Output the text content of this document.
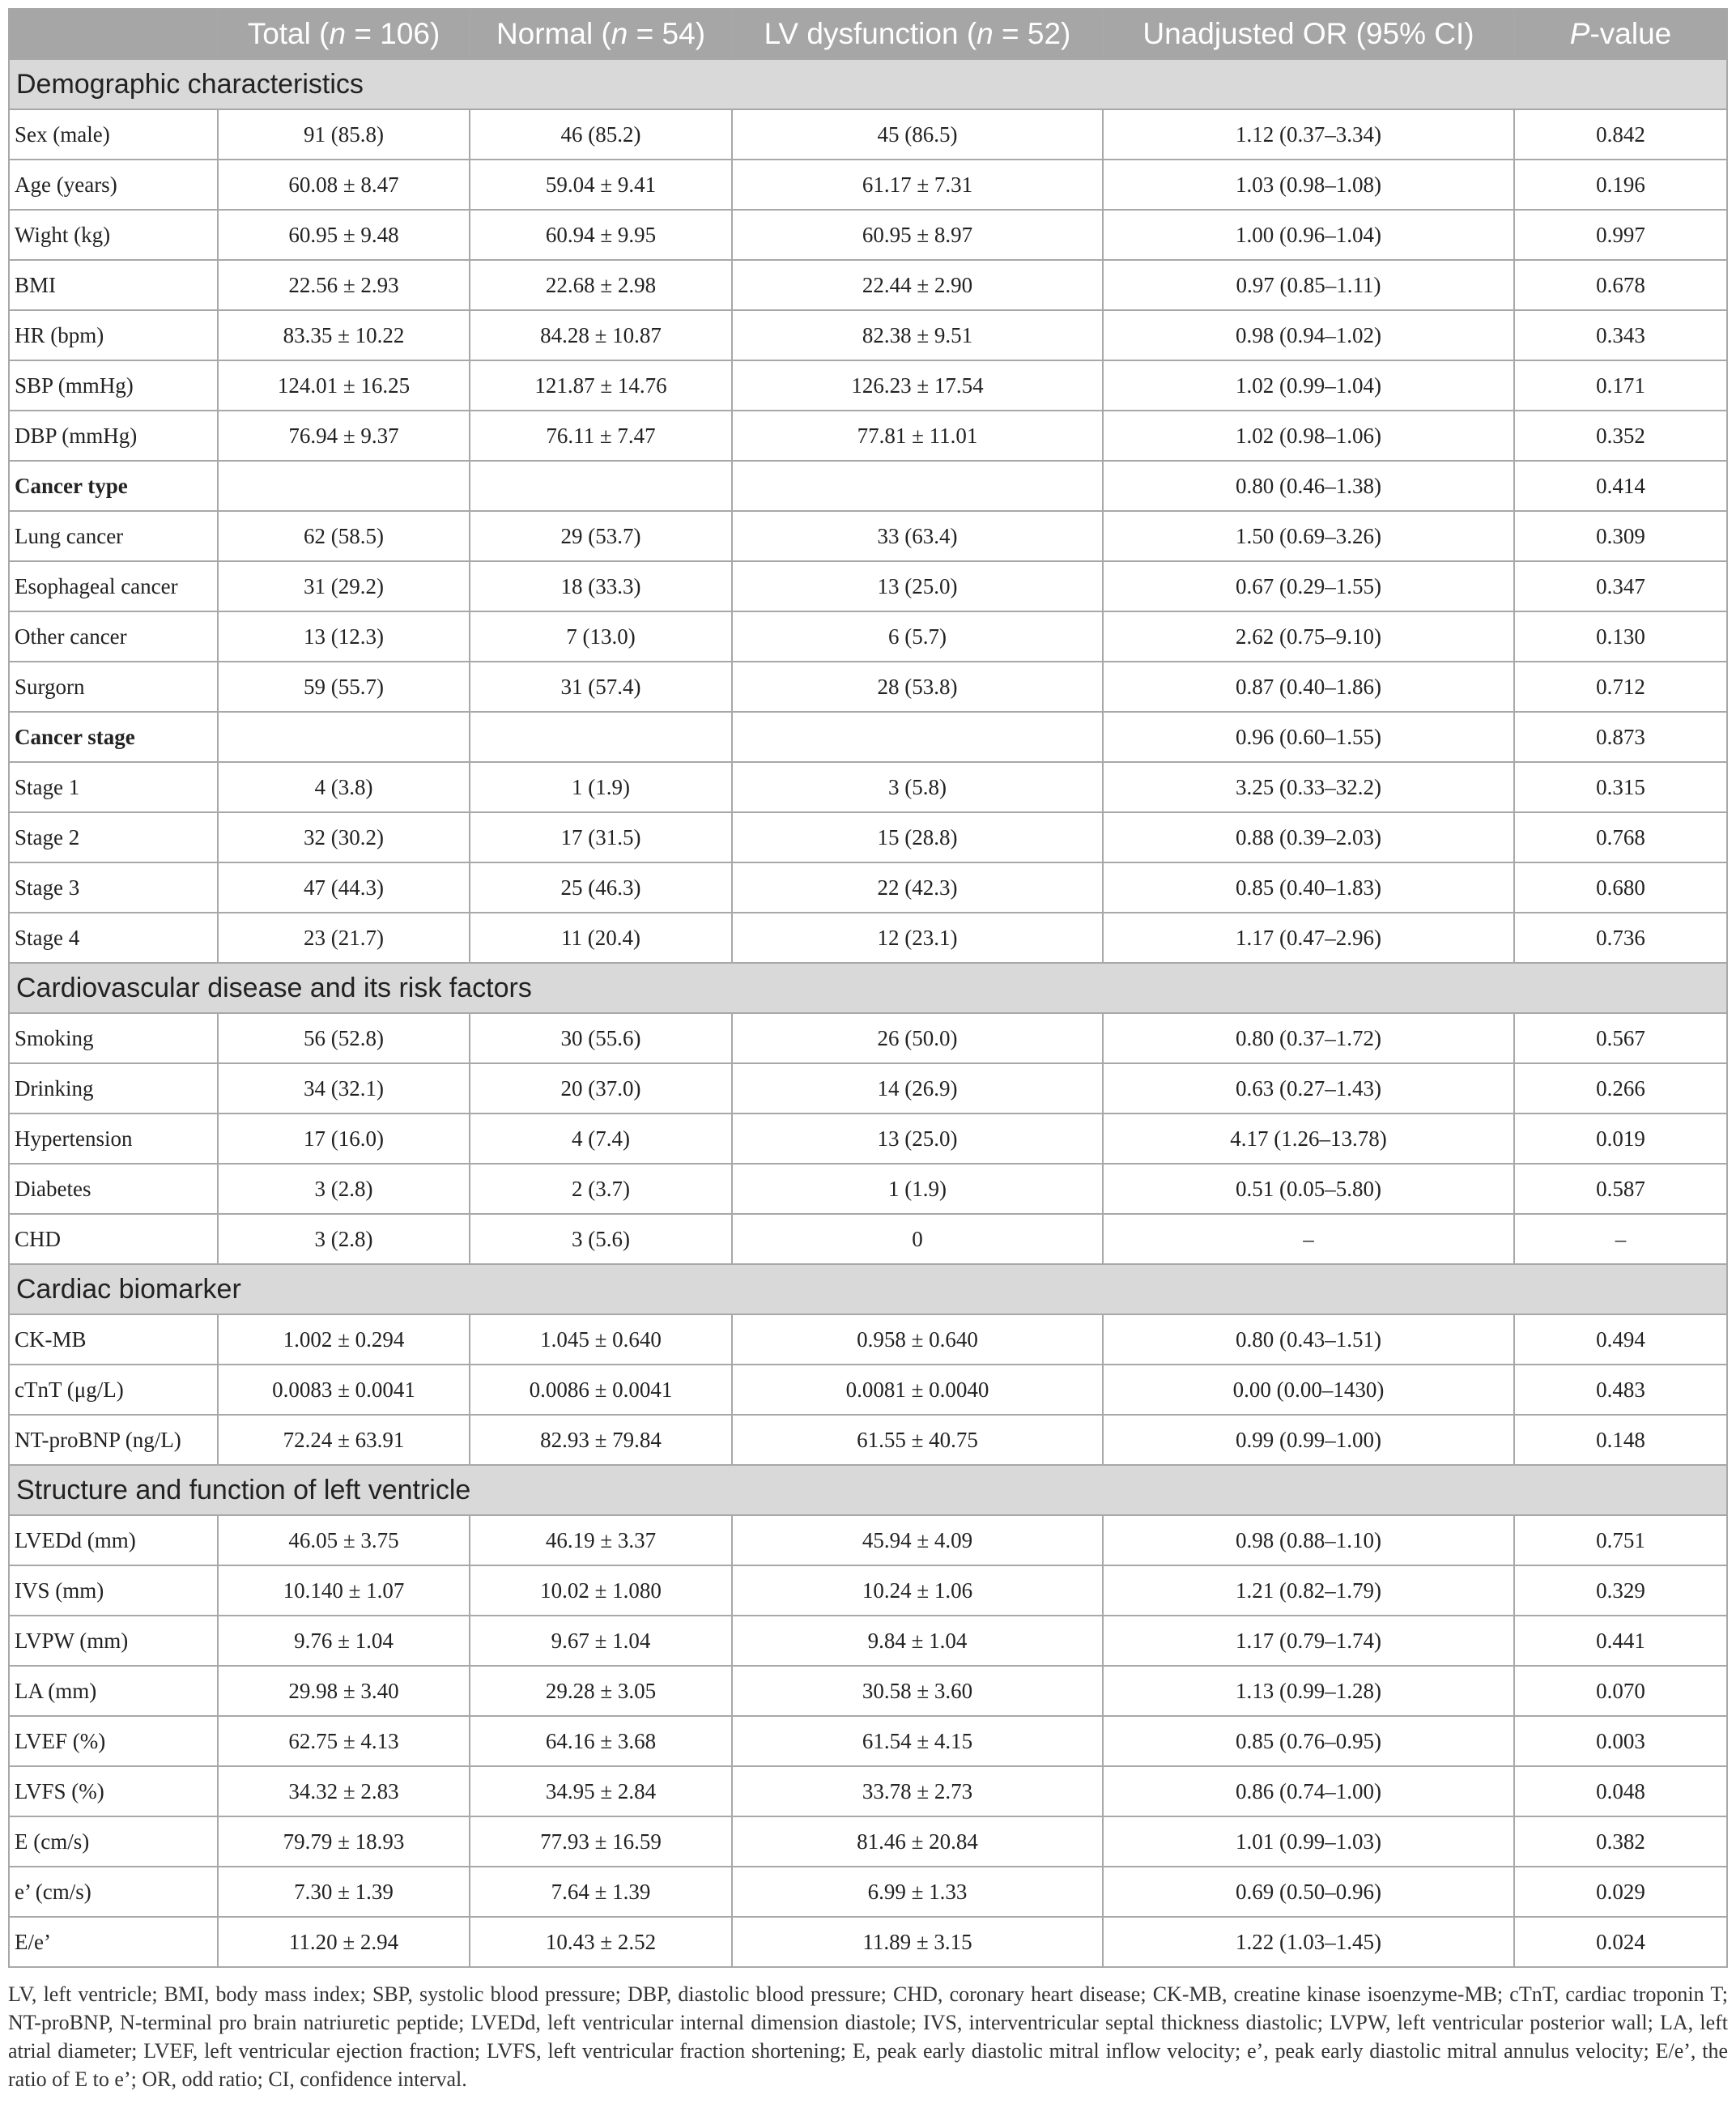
	Total (n = 106)	Normal (n = 54)	LV dysfunction (n = 52)	Unadjusted OR (95% CI)	P-value
Demographic characteristics					
Sex (male)	91 (85.8)	46 (85.2)	45 (86.5)	1.12 (0.37–3.34)	0.842
Age (years)	60.08 ± 8.47	59.04 ± 9.41	61.17 ± 7.31	1.03 (0.98–1.08)	0.196
Wight (kg)	60.95 ± 9.48	60.94 ± 9.95	60.95 ± 8.97	1.00 (0.96–1.04)	0.997
BMI	22.56 ± 2.93	22.68 ± 2.98	22.44 ± 2.90	0.97 (0.85–1.11)	0.678
HR (bpm)	83.35 ± 10.22	84.28 ± 10.87	82.38 ± 9.51	0.98 (0.94–1.02)	0.343
SBP (mmHg)	124.01 ± 16.25	121.87 ± 14.76	126.23 ± 17.54	1.02 (0.99–1.04)	0.171
DBP (mmHg)	76.94 ± 9.37	76.11 ± 7.47	77.81 ± 11.01	1.02 (0.98–1.06)	0.352
Cancer type				0.80 (0.46–1.38)	0.414
Lung cancer	62 (58.5)	29 (53.7)	33 (63.4)	1.50 (0.69–3.26)	0.309
Esophageal cancer	31 (29.2)	18 (33.3)	13 (25.0)	0.67 (0.29–1.55)	0.347
Other cancer	13 (12.3)	7 (13.0)	6 (5.7)	2.62 (0.75–9.10)	0.130
Surgorn	59 (55.7)	31 (57.4)	28 (53.8)	0.87 (0.40–1.86)	0.712
Cancer stage				0.96 (0.60–1.55)	0.873
Stage 1	4 (3.8)	1 (1.9)	3 (5.8)	3.25 (0.33–32.2)	0.315
Stage 2	32 (30.2)	17 (31.5)	15 (28.8)	0.88 (0.39–2.03)	0.768
Stage 3	47 (44.3)	25 (46.3)	22 (42.3)	0.85 (0.40–1.83)	0.680
Stage 4	23 (21.7)	11 (20.4)	12 (23.1)	1.17 (0.47–2.96)	0.736
Cardiovascular disease and its risk factors					
Smoking	56 (52.8)	30 (55.6)	26 (50.0)	0.80 (0.37–1.72)	0.567
Drinking	34 (32.1)	20 (37.0)	14 (26.9)	0.63 (0.27–1.43)	0.266
Hypertension	17 (16.0)	4 (7.4)	13 (25.0)	4.17 (1.26–13.78)	0.019
Diabetes	3 (2.8)	2 (3.7)	1 (1.9)	0.51 (0.05–5.80)	0.587
CHD	3 (2.8)	3 (5.6)	0	–	–
Cardiac biomarker					
CK-MB	1.002 ± 0.294	1.045 ± 0.640	0.958 ± 0.640	0.80 (0.43–1.51)	0.494
cTnT (μg/L)	0.0083 ± 0.0041	0.0086 ± 0.0041	0.0081 ± 0.0040	0.00 (0.00–1430)	0.483
NT-proBNP (ng/L)	72.24 ± 63.91	82.93 ± 79.84	61.55 ± 40.75	0.99 (0.99–1.00)	0.148
Structure and function of left ventricle					
LVEDd (mm)	46.05 ± 3.75	46.19 ± 3.37	45.94 ± 4.09	0.98 (0.88–1.10)	0.751
IVS (mm)	10.140 ± 1.07	10.02 ± 1.080	10.24 ± 1.06	1.21 (0.82–1.79)	0.329
LVPW (mm)	9.76 ± 1.04	9.67 ± 1.04	9.84 ± 1.04	1.17 (0.79–1.74)	0.441
LA (mm)	29.98 ± 3.40	29.28 ± 3.05	30.58 ± 3.60	1.13 (0.99–1.28)	0.070
LVEF (%)	62.75 ± 4.13	64.16 ± 3.68	61.54 ± 4.15	0.85 (0.76–0.95)	0.003
LVFS (%)	34.32 ± 2.83	34.95 ± 2.84	33.78 ± 2.73	0.86 (0.74–1.00)	0.048
E (cm/s)	79.79 ± 18.93	77.93 ± 16.59	81.46 ± 20.84	1.01 (0.99–1.03)	0.382
e’ (cm/s)	7.30 ± 1.39	7.64 ± 1.39	6.99 ± 1.33	0.69 (0.50–0.96)	0.029
E/e’	11.20 ± 2.94	10.43 ± 2.52	11.89 ± 3.15	1.22 (1.03–1.45)	0.024
LV, left ventricle; BMI, body mass index; SBP, systolic blood pressure; DBP, diastolic blood pressure; CHD, coronary heart disease; CK-MB, creatine kinase isoenzyme-MB; cTnT, cardiac troponin T; NT-proBNP, N-terminal pro brain natriuretic peptide; LVEDd, left ventricular internal dimension diastole; IVS, interventricular septal thickness diastolic; LVPW, left ventricular posterior wall; LA, left atrial diameter; LVEF, left ventricular ejection fraction; LVFS, left ventricular fraction shortening; E, peak early diastolic mitral inflow velocity; e’, peak early diastolic mitral annulus velocity; E/e’, the ratio of E to e’; OR, odd ratio; CI, confidence interval.
